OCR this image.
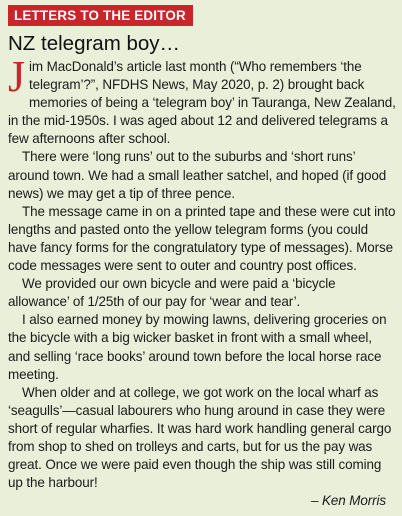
LETTERS TO THE EDITOR
NZ telegram boy…

Jim MacDonald’s article last month (“Who remembers ‘the telegram’?”, NFDHS News, May 2020, p. 2) brought back memories of being a ‘telegram boy’ in Tauranga, New Zealand, in the mid-1950s. I was aged about 12 and delivered telegrams a few afternoons after school.

There were ‘long runs’ out to the suburbs and ‘short runs’ around town. We had a small leather satchel, and hoped (if good news) we may get a tip of three pence.

The message came in on a printed tape and these were cut into lengths and pasted onto the yellow telegram forms (you could have fancy forms for the congratulatory type of messages). Morse code messages were sent to outer and country post offices.

We provided our own bicycle and were paid a ‘bicycle allowance’ of 1/25th of our pay for ‘wear and tear’.

I also earned money by mowing lawns, delivering groceries on the bicycle with a big wicker basket in front with a small wheel, and selling ‘race books’ around town before the local horse race meeting.

When older and at college, we got work on the local wharf as ‘seagulls’—casual labourers who hung around in case they were short of regular wharfies. It was hard work handling general cargo from shop to shed on trolleys and carts, but for us the pay was great. Once we were paid even though the ship was still coming up the harbour!

– Ken Morris
